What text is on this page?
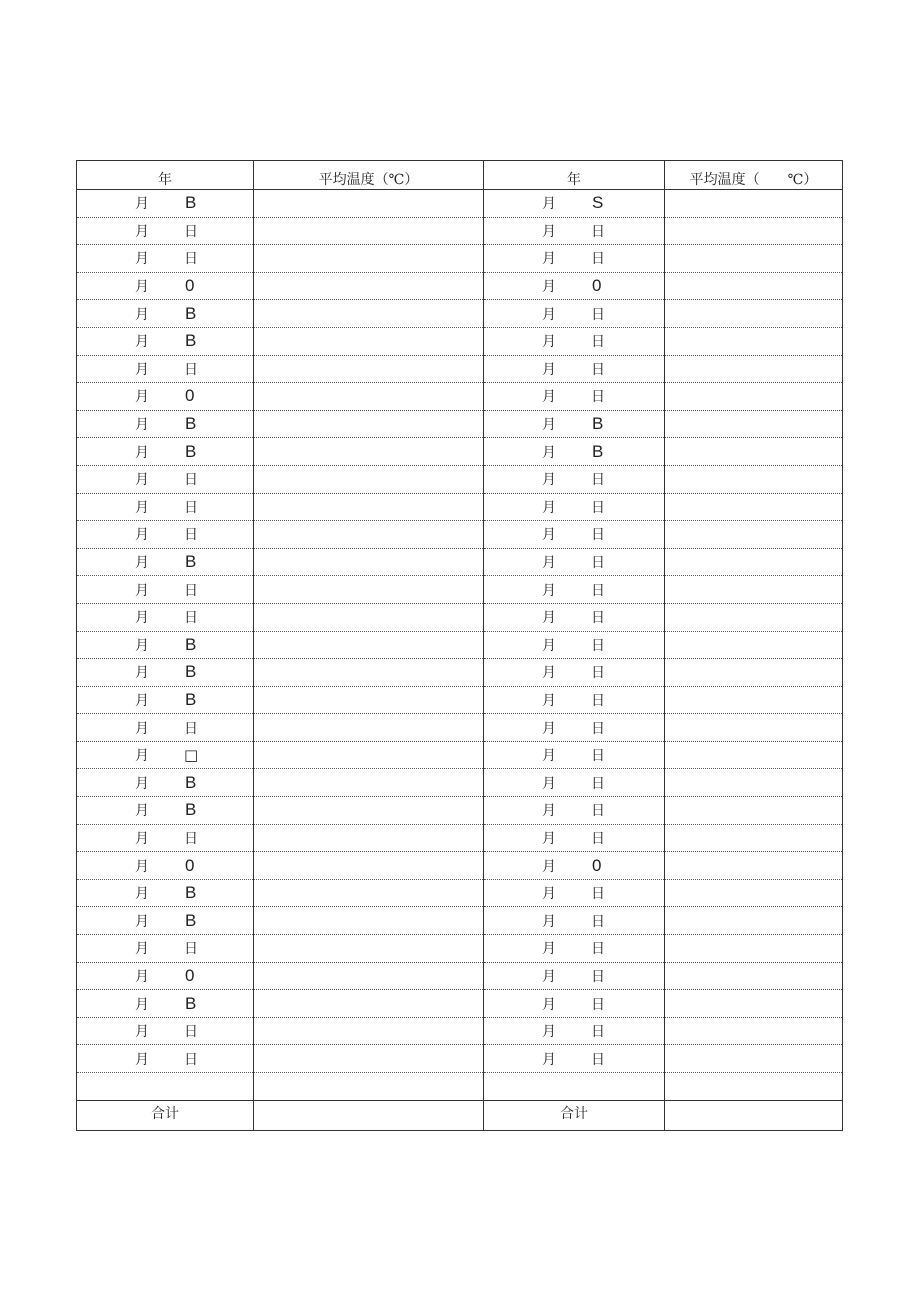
年	平均温度（℃）	年	平均温度（　　℃）

月 B		月 S	

月 日		月 日	

月 日		月 日	

月 0		月 0	

月 B		月 日	

月 B		月 日	

月 日		月 日	

月 0		月 日	

月 B		月 B	

月 B		月 B	

月 日		月 日	

月 日		月 日	

月 日		月 日	

月 B		月 日	

月 日		月 日	

月 日		月 日	

月 B		月 日	

月 B		月 日	

月 B		月 日	

月 日		月 日	

月 □		月 日	

月 B		月 日	

月 B		月 日	

月 日		月 日	

月 0		月 0	

月 B		月 日	

月 B		月 日	

月 日		月 日	

月 0		月 日	

月 B		月 日	

月 日		月 日	

月 日		月 日	

合计		合计	
